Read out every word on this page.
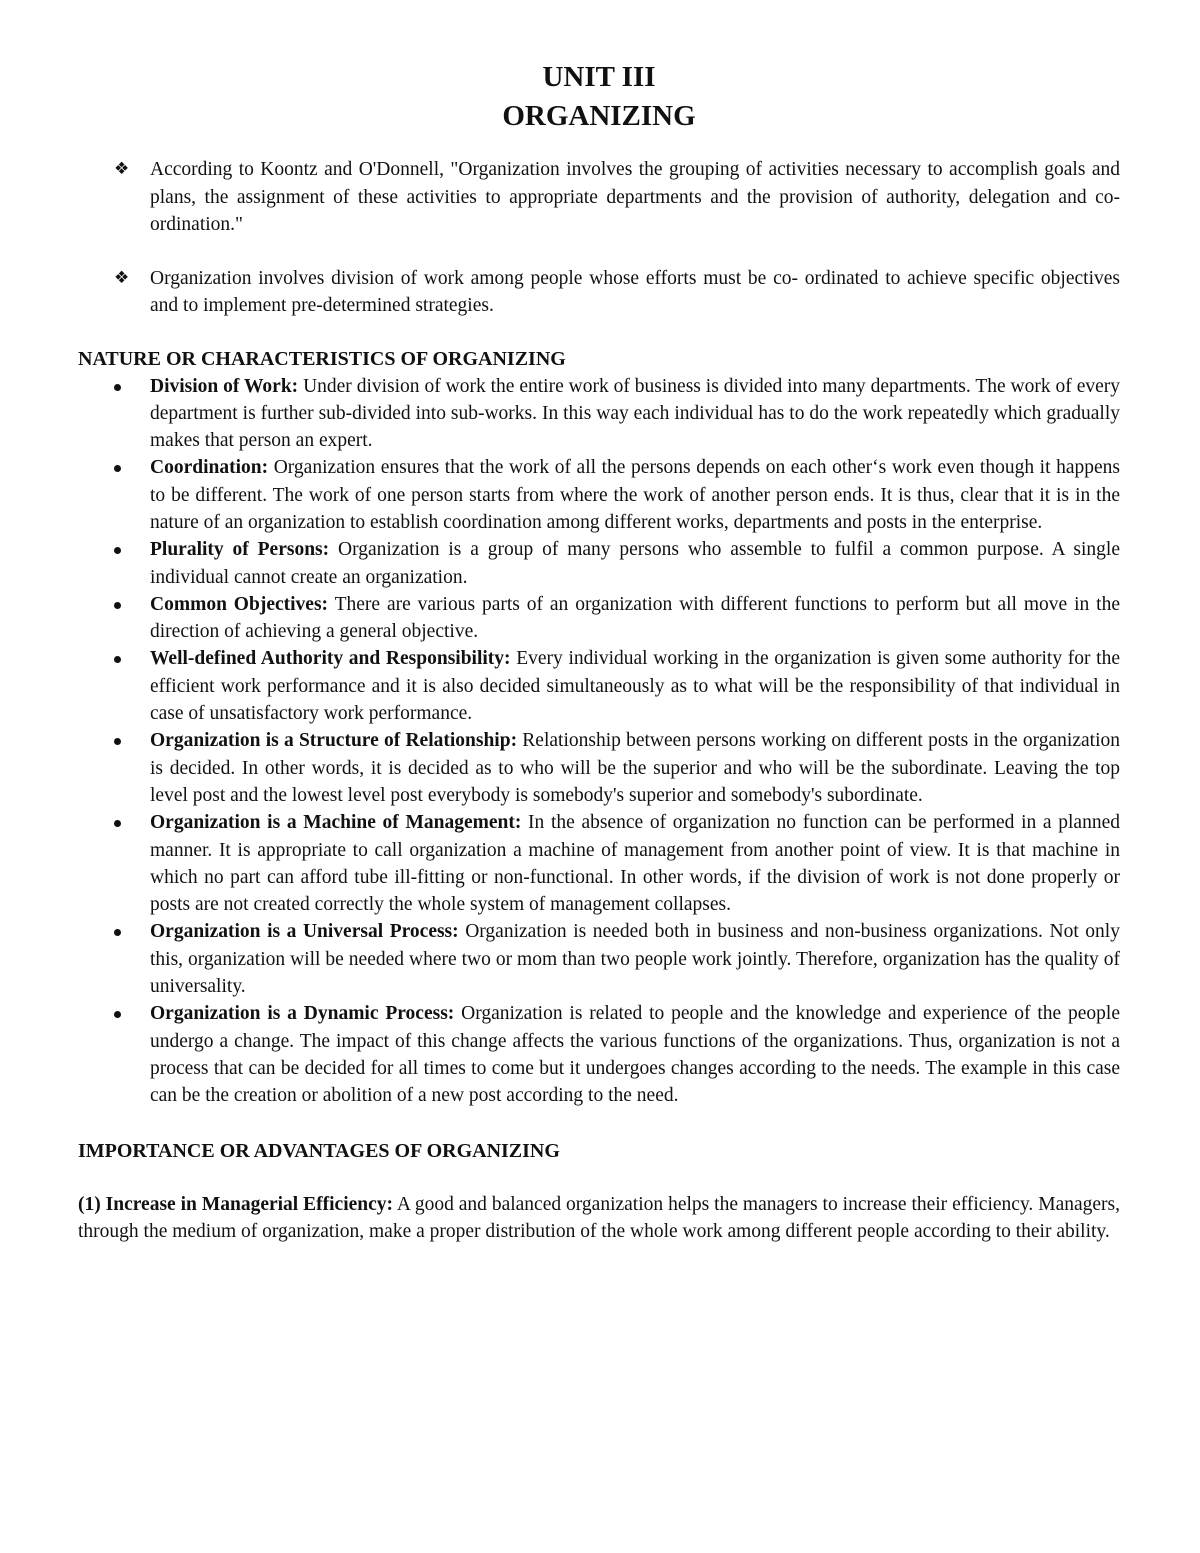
UNIT III
ORGANIZING
❖ According to Koontz and O'Donnell, "Organization involves the grouping of activities necessary to accomplish goals and plans, the assignment of these activities to appropriate departments and the provision of authority, delegation and co-ordination."
❖ Organization involves division of work among people whose efforts must be co- ordinated to achieve specific objectives and to implement pre-determined strategies.
NATURE OR CHARACTERISTICS OF ORGANIZING
Division of Work: Under division of work the entire work of business is divided into many departments. The work of every department is further sub-divided into sub-works. In this way each individual has to do the work repeatedly which gradually makes that person an expert.
Coordination: Organization ensures that the work of all the persons depends on each other‘s work even though it happens to be different. The work of one person starts from where the work of another person ends. It is thus, clear that it is in the nature of an organization to establish coordination among different works, departments and posts in the enterprise.
Plurality of Persons: Organization is a group of many persons who assemble to fulfil a common purpose. A single individual cannot create an organization.
Common Objectives: There are various parts of an organization with different functions to perform but all move in the direction of achieving a general objective.
Well-defined Authority and Responsibility: Every individual working in the organization is given some authority for the efficient work performance and it is also decided simultaneously as to what will be the responsibility of that individual in case of unsatisfactory work performance.
Organization is a Structure of Relationship: Relationship between persons working on different posts in the organization is decided. In other words, it is decided as to who will be the superior and who will be the subordinate. Leaving the top level post and the lowest level post everybody is somebody's superior and somebody's subordinate.
Organization is a Machine of Management: In the absence of organization no function can be performed in a planned manner. It is appropriate to call organization a machine of management from another point of view. It is that machine in which no part can afford tube ill-fitting or non-functional. In other words, if the division of work is not done properly or posts are not created correctly the whole system of management collapses.
Organization is a Universal Process: Organization is needed both in business and non-business organizations. Not only this, organization will be needed where two or mom than two people work jointly. Therefore, organization has the quality of universality.
Organization is a Dynamic Process: Organization is related to people and the knowledge and experience of the people undergo a change. The impact of this change affects the various functions of the organizations. Thus, organization is not a process that can be decided for all times to come but it undergoes changes according to the needs. The example in this case can be the creation or abolition of a new post according to the need.
IMPORTANCE OR ADVANTAGES OF ORGANIZING

(1) Increase in Managerial Efficiency: A good and balanced organization helps the managers to increase their efficiency. Managers, through the medium of organization, make a proper distribution of the whole work among different people according to their ability.
